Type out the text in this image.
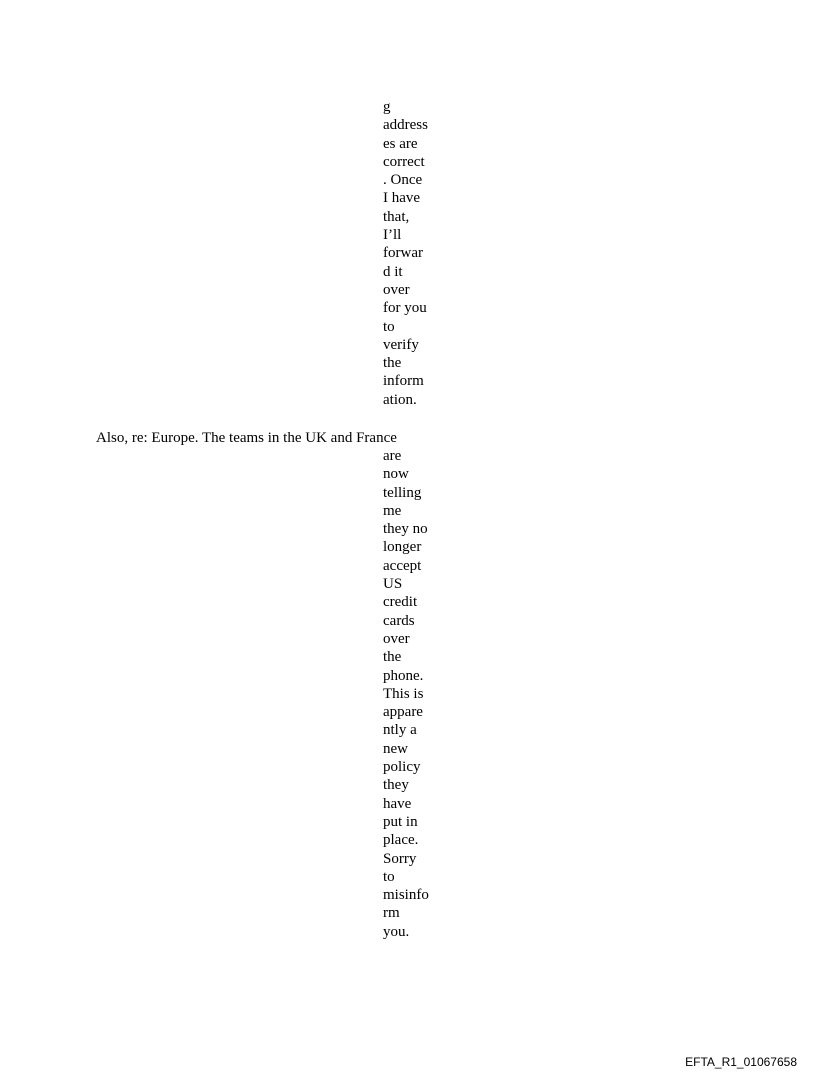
g
address
es are
correct
. Once
I have
that,
I’ll
forwar
d it
over
for you
to
verify
the
inform
ation.
Also, re: Europe. The teams in the UK and France
are
now
telling
me
they no
longer
accept
US
credit
cards
over
the
phone.
This is
appare
ntly a
new
policy
they
have
put in
place.
Sorry
to
misinfo
rm
you.
EFTA_R1_01067658
